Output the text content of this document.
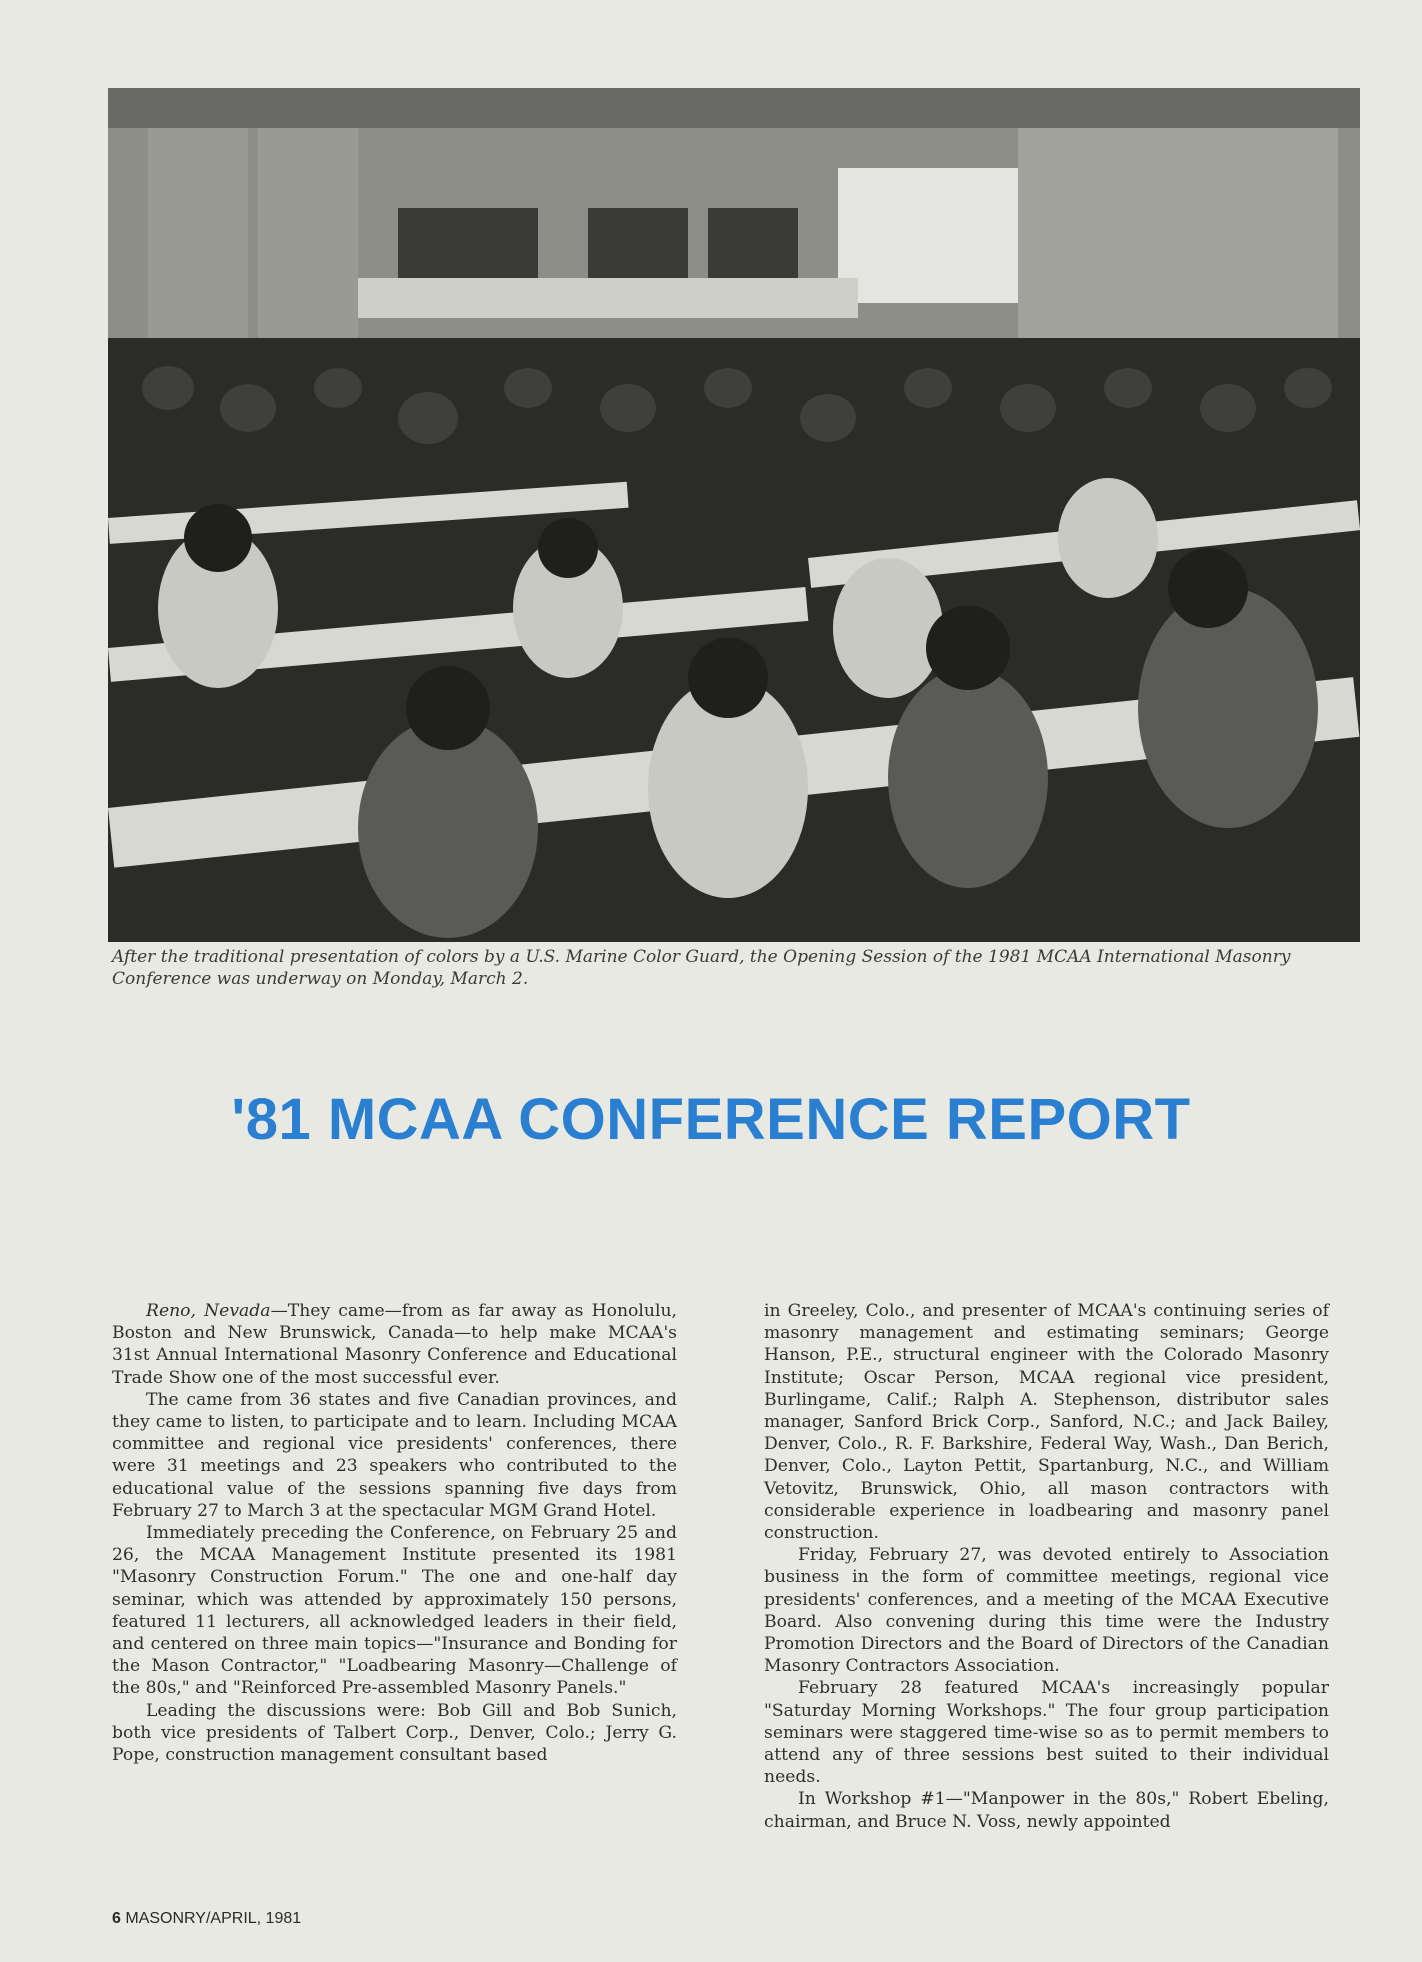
After the traditional presentation of colors by a U.S. Marine Color Guard, the Opening Session of the 1981 MCAA International Masonry Conference was underway on Monday, March 2.
'81 MCAA CONFERENCE REPORT

Reno, Nevada—They came—from as far away as Honolulu, Boston and New Brunswick, Canada—to help make MCAA's 31st Annual International Masonry Conference and Educational Trade Show one of the most successful ever.

The came from 36 states and five Canadian provinces, and they came to listen, to participate and to learn. Including MCAA committee and regional vice presidents' conferences, there were 31 meetings and 23 speakers who contributed to the educational value of the sessions spanning five days from February 27 to March 3 at the spectacular MGM Grand Hotel.

Immediately preceding the Conference, on February 25 and 26, the MCAA Management Institute presented its 1981 "Masonry Construction Forum." The one and one-half day seminar, which was attended by approximately 150 persons, featured 11 lecturers, all acknowledged leaders in their field, and centered on three main topics—"Insurance and Bonding for the Mason Contractor," "Loadbearing Masonry—Challenge of the 80s," and "Reinforced Pre-assembled Masonry Panels."

Leading the discussions were: Bob Gill and Bob Sunich, both vice presidents of Talbert Corp., Denver, Colo.; Jerry G. Pope, construction management consultant based

in Greeley, Colo., and presenter of MCAA's continuing series of masonry management and estimating seminars; George Hanson, P.E., structural engineer with the Colorado Masonry Institute; Oscar Person, MCAA regional vice president, Burlingame, Calif.; Ralph A. Stephenson, distributor sales manager, Sanford Brick Corp., Sanford, N.C.; and Jack Bailey, Denver, Colo., R. F. Barkshire, Federal Way, Wash., Dan Berich, Denver, Colo., Layton Pettit, Spartanburg, N.C., and William Vetovitz, Brunswick, Ohio, all mason contractors with considerable experience in loadbearing and masonry panel construction.

Friday, February 27, was devoted entirely to Association business in the form of committee meetings, regional vice presidents' conferences, and a meeting of the MCAA Executive Board. Also convening during this time were the Industry Promotion Directors and the Board of Directors of the Canadian Masonry Contractors Association.

February 28 featured MCAA's increasingly popular "Saturday Morning Workshops." The four group participation seminars were staggered time-wise so as to permit members to attend any of three sessions best suited to their individual needs.

In Workshop #1—"Manpower in the 80s," Robert Ebeling, chairman, and Bruce N. Voss, newly appointed

6 MASONRY/APRIL, 1981
